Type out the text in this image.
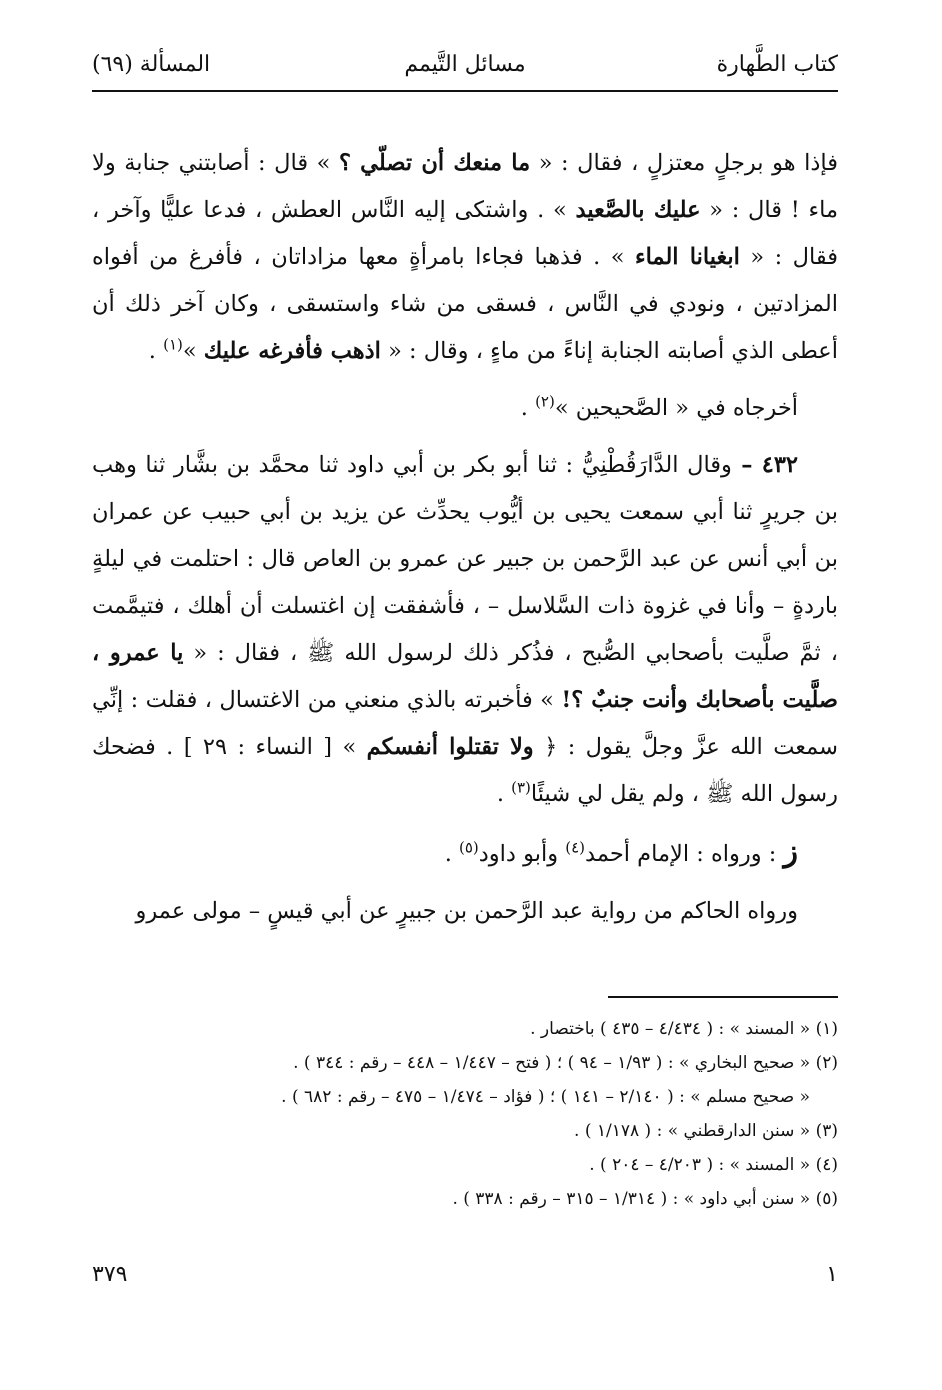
كتاب الطَّهارة
مسائل التَّيمم
المسألة (٦٩)

فإذا هو برجلٍ معتزلٍ ، فقال : « ما منعك أن تصلّي ؟ » قال : أصابتني جنابة ولا ماء ! قال : « عليك بالصَّعيد » . واشتكى إليه النَّاس العطش ، فدعا عليًّا وآخر ، فقال : « ابغيانا الماء » . فذهبا فجاءا بامرأةٍ معها مزاداتان ، فأفرغ من أفواه المزادتين ، ونودي في النَّاس ، فسقى من شاء واستسقى ، وكان آخر ذلك أن أعطى الذي أصابته الجنابة إناءً من ماءٍ ، وقال : « اذهب فأفرغه عليك »$^{(١)}$ .

أخرجاه في « الصَّحيحين »$^{(٢)}$ .

٤٣٢ – وقال الدَّارَقُطْنِيُّ : ثنا أبو بكر بن أبي داود ثنا محمَّد بن بشَّار ثنا وهب بن جريرٍ ثنا أبي سمعت يحيى بن أيُّوب يحدِّث عن يزيد بن أبي حبيب عن عمران بن أبي أنس عن عبد الرَّحمن بن جبير عن عمرو بن العاص قال : احتلمت في ليلةٍ باردةٍ – وأنا في غزوة ذات السَّلاسل – ، فأشفقت إن اغتسلت أن أهلك ، فتيمَّمت ، ثمَّ صلَّيت بأصحابي الصُّبح ، فذُكر ذلك لرسول الله ﷺ ، فقال : « يا عمرو ، صلَّيت بأصحابك وأنت جنبٌ ؟! » فأخبرته بالذي منعني من الاغتسال ، فقلت : إنِّي سمعت الله عزَّ وجلَّ يقول : ﴿ ولا تقتلوا أنفسكم » [ النساء : ٢٩ ] . فضحك رسول الله ﷺ ، ولم يقل لي شيئًا$^{(٣)}$ .

ز : ورواه : الإمام أحمد$^{(٤)}$ وأبو داود$^{(٥)}$ .

ورواه الحاكم من رواية عبد الرَّحمن بن جبيرٍ عن أبي قيسٍ – مولى عمرو

(١) « المسند » : ( ٤/٤٣٤ – ٤٣٥ ) باختصار .

(٢) « صحيح البخاري » : ( ١/٩٣ – ٩٤ ) ؛ ( فتح – ١/٤٤٧ – ٤٤٨ – رقم : ٣٤٤ ) .

« صحيح مسلم » : ( ٢/١٤٠ – ١٤١ ) ؛ ( فؤاد – ١/٤٧٤ – ٤٧٥ – رقم : ٦٨٢ ) .

(٣) « سنن الدارقطني » : ( ١/١٧٨ ) .

(٤) « المسند » : ( ٤/٢٠٣ – ٢٠٤ ) .

(٥) « سنن أبي داود » : ( ١/٣١٤ – ٣١٥ – رقم : ٣٣٨ ) .

١
٣٧٩
